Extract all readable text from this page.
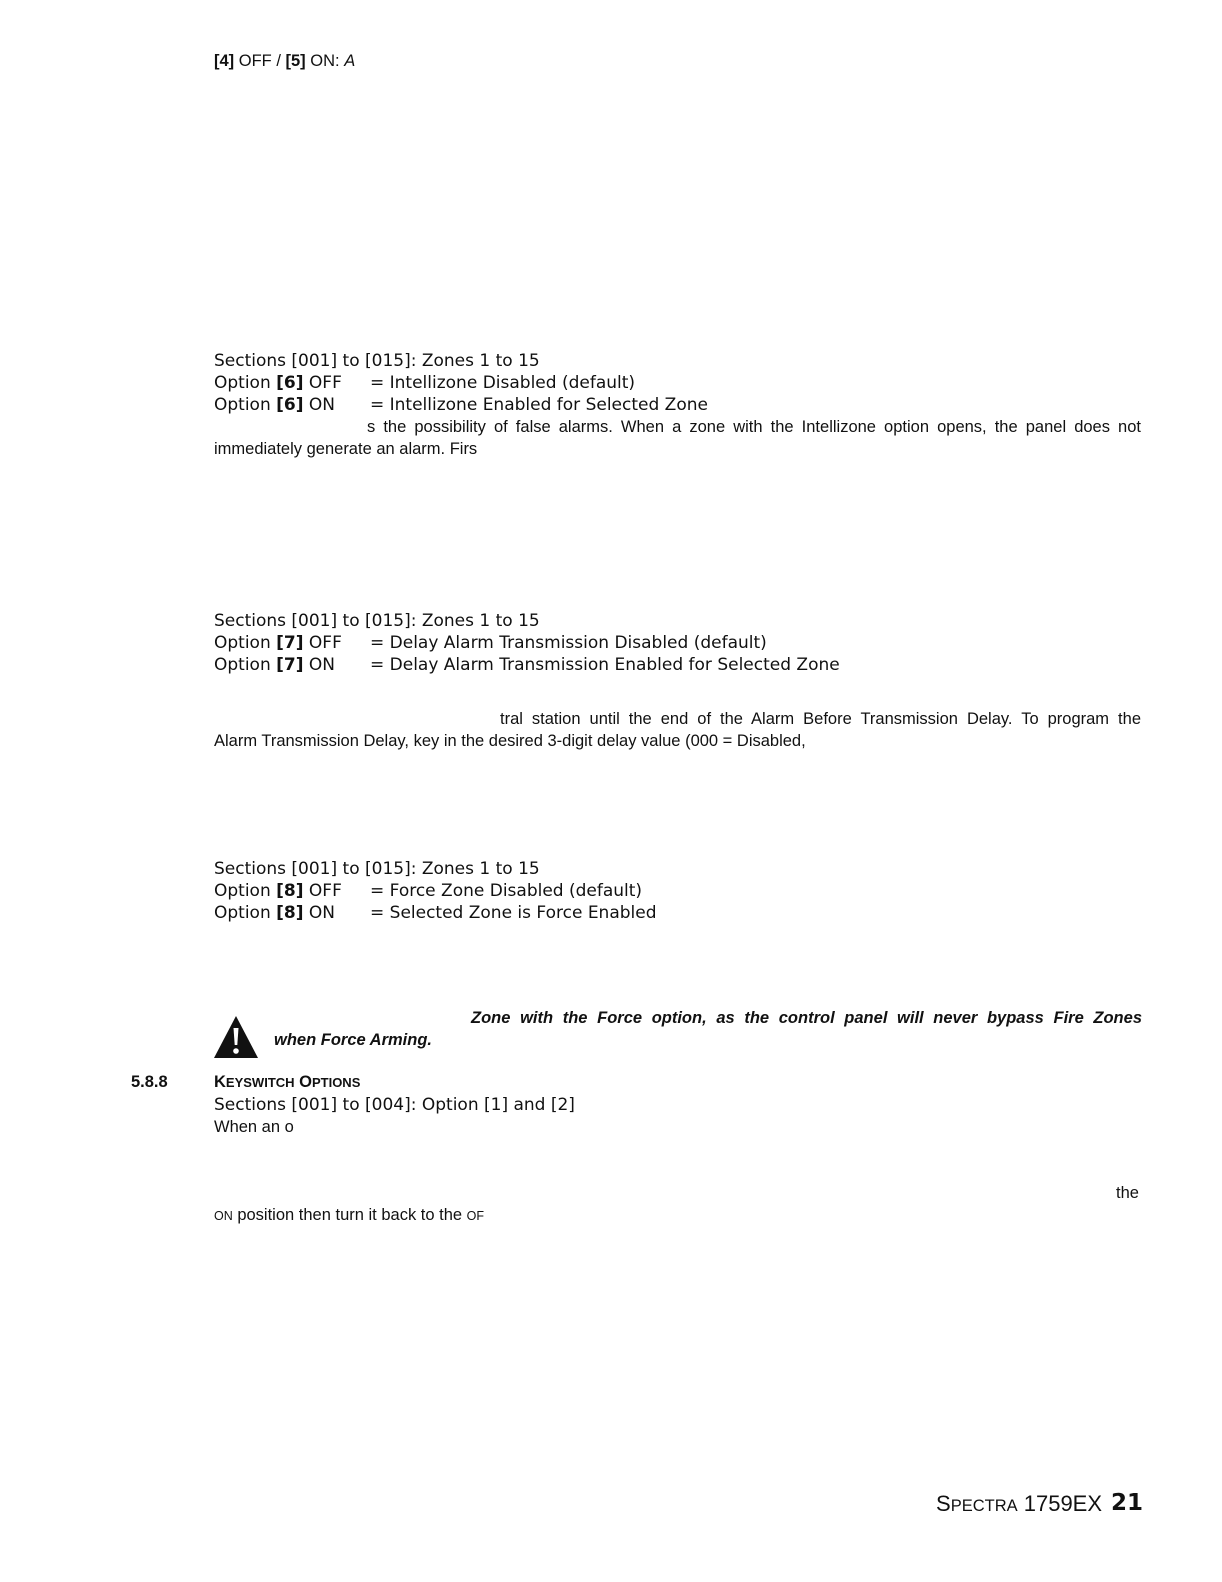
[4] OFF / [5] ON: A
Sections [001] to [015]: Zones 1 to 15
Option [6] OFF = Intellizone Disabled (default)
Option [6] ON = Intellizone Enabled for Selected Zone
s the possibility of false alarms. When a zone with the Intellizone option opens, the panel does not
immediately generate an alarm. Firs
Sections [001] to [015]: Zones 1 to 15
Option [7] OFF = Delay Alarm Transmission Disabled (default)
Option [7] ON = Delay Alarm Transmission Enabled for Selected Zone
tral station until the end of the Alarm Before Transmission Delay. To program the
Alarm Transmission Delay, key in the desired 3-digit delay value (000 = Disabled,
Sections [001] to [015]: Zones 1 to 15
Option [8] OFF = Force Zone Disabled (default)
Option [8] ON = Selected Zone is Force Enabled
Zone with the Force option, as the control panel will never bypass Fire Zones
when Force Arming.
5.8.8	KEYSWITCH OPTIONS
Sections [001] to [004]: Option [1] and [2]
When an o
the
ON position then turn it back to the OF
SPECTRA 1759EX 21
